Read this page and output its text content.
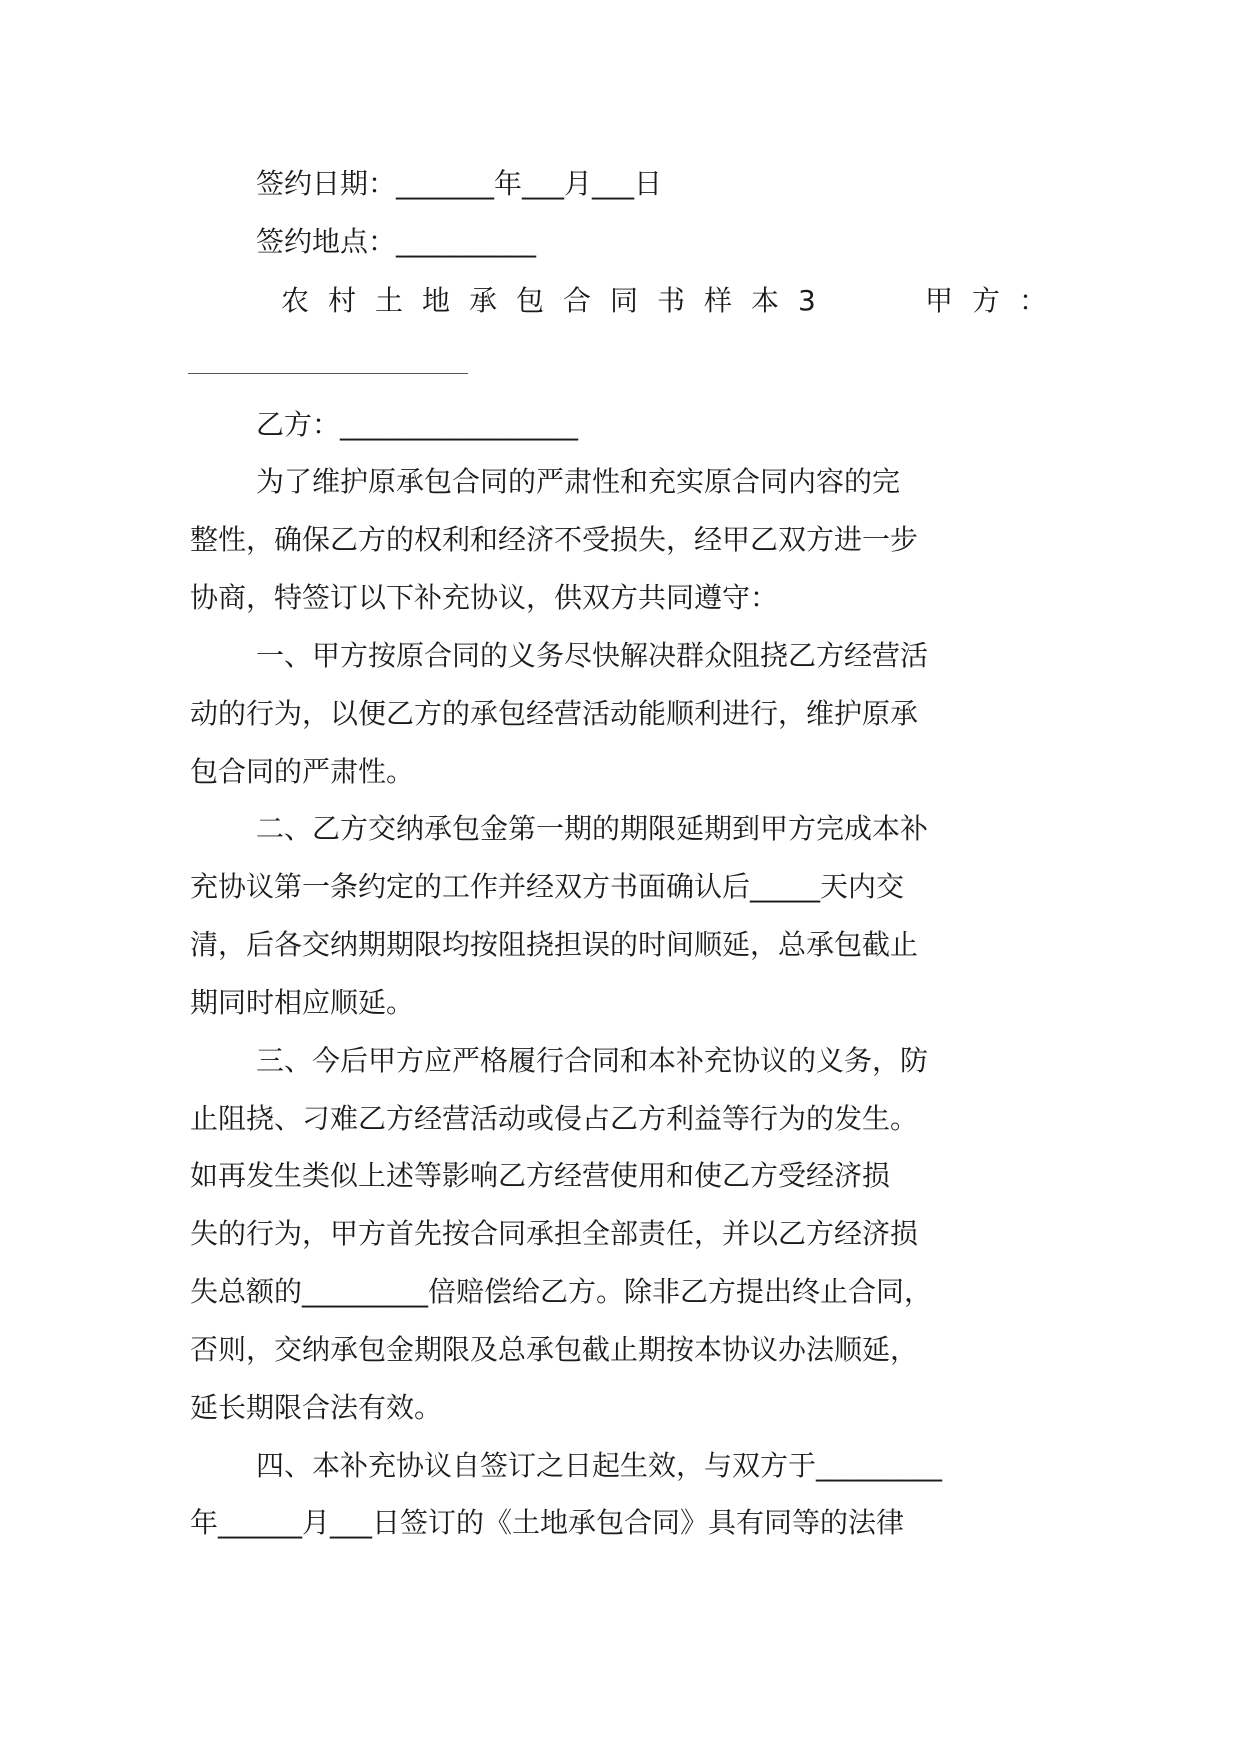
签约日期：_______年___月___日
签约地点：__________
农村土地承包合同书样本3	甲方：
乙方：_________________
为了维护原承包合同的严肃性和充实原合同内容的完
整性，确保乙方的权利和经济不受损失，经甲乙双方进一步
协商，特签订以下补充协议，供双方共同遵守：
一、甲方按原合同的义务尽快解决群众阻挠乙方经营活
动的行为，以便乙方的承包经营活动能顺利进行，维护原承
包合同的严肃性。
二、乙方交纳承包金第一期的期限延期到甲方完成本补
充协议第一条约定的工作并经双方书面确认后_____天内交
清，后各交纳期期限均按阻挠担误的时间顺延，总承包截止
期同时相应顺延。
三、今后甲方应严格履行合同和本补充协议的义务，防
止阻挠、刁难乙方经营活动或侵占乙方利益等行为的发生。
如再发生类似上述等影响乙方经营使用和使乙方受经济损
失的行为，甲方首先按合同承担全部责任，并以乙方经济损
失总额的_________倍赔偿给乙方。除非乙方提出终止合同，
否则，交纳承包金期限及总承包截止期按本协议办法顺延，
延长期限合法有效。
四、本补充协议自签订之日起生效，与双方于_________
年______月___日签订的《土地承包合同》具有同等的法律
